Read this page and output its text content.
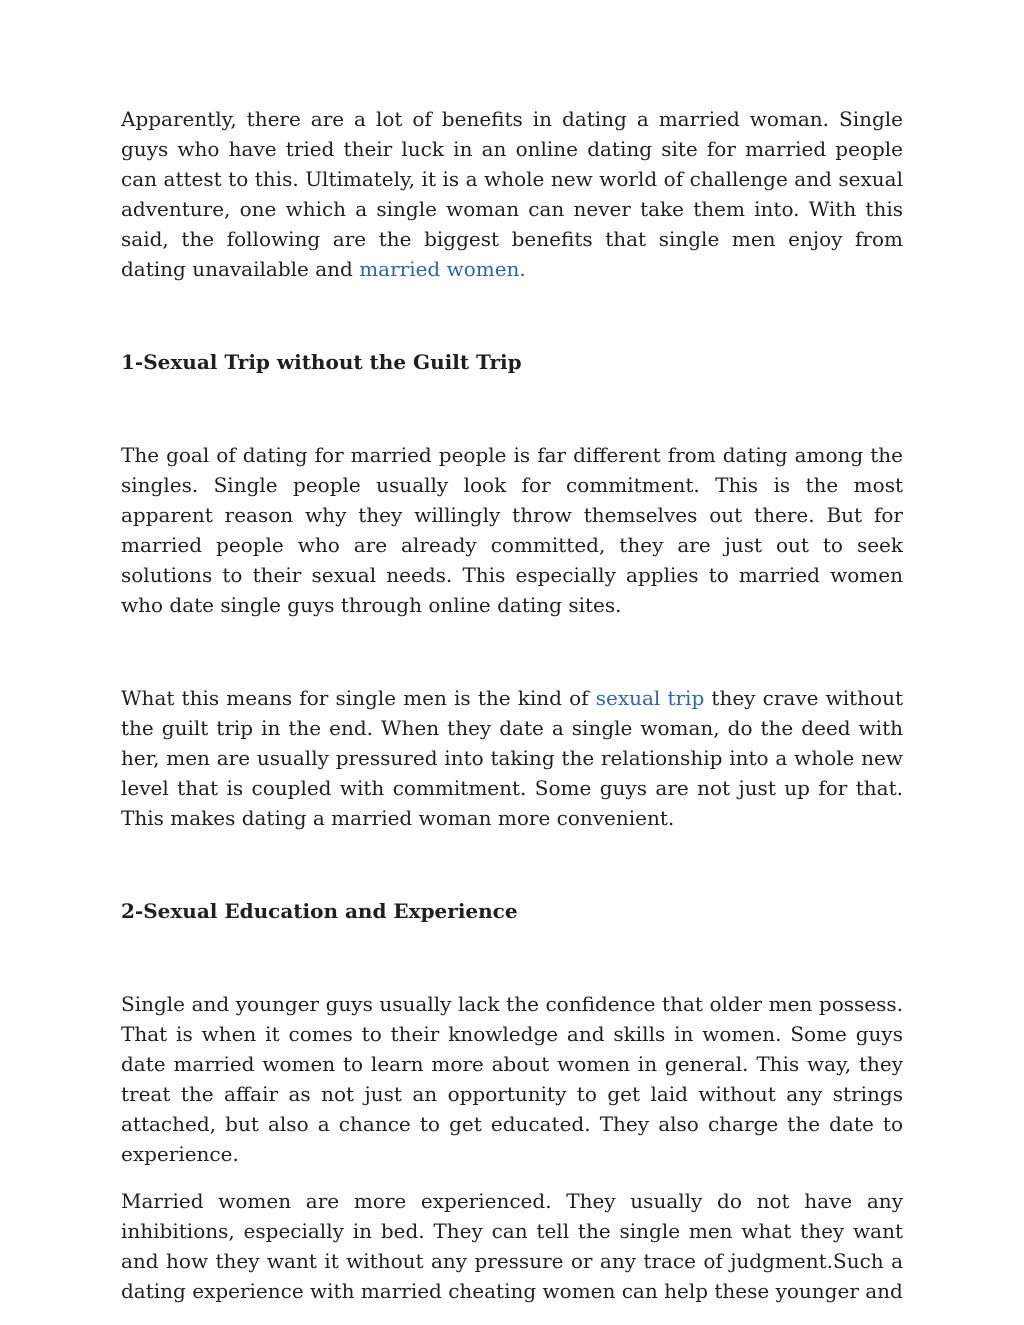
Apparently, there are a lot of benefits in dating a married woman. Single guys who have tried their luck in an online dating site for married people can attest to this. Ultimately, it is a whole new world of challenge and sexual adventure, one which a single woman can never take them into. With this said, the following are the biggest benefits that single men enjoy from dating unavailable and married women.

1-Sexual Trip without the Guilt Trip

The goal of dating for married people is far different from dating among the singles. Single people usually look for commitment. This is the most apparent reason why they willingly throw themselves out there. But for married people who are already committed, they are just out to seek solutions to their sexual needs. This especially applies to married women who date single guys through online dating sites.

What this means for single men is the kind of sexual trip they crave without the guilt trip in the end. When they date a single woman, do the deed with her, men are usually pressured into taking the relationship into a whole new level that is coupled with commitment. Some guys are not just up for that. This makes dating a married woman more convenient.

2-Sexual Education and Experience

Single and younger guys usually lack the confidence that older men possess. That is when it comes to their knowledge and skills in women. Some guys date married women to learn more about women in general. This way, they treat the affair as not just an opportunity to get laid without any strings attached, but also a chance to get educated. They also charge the date to experience.

Married women are more experienced. They usually do not have any inhibitions, especially in bed. They can tell the single men what they want and how they want it without any pressure or any trace of judgment.Such a dating experience with married cheating women can help these younger and
